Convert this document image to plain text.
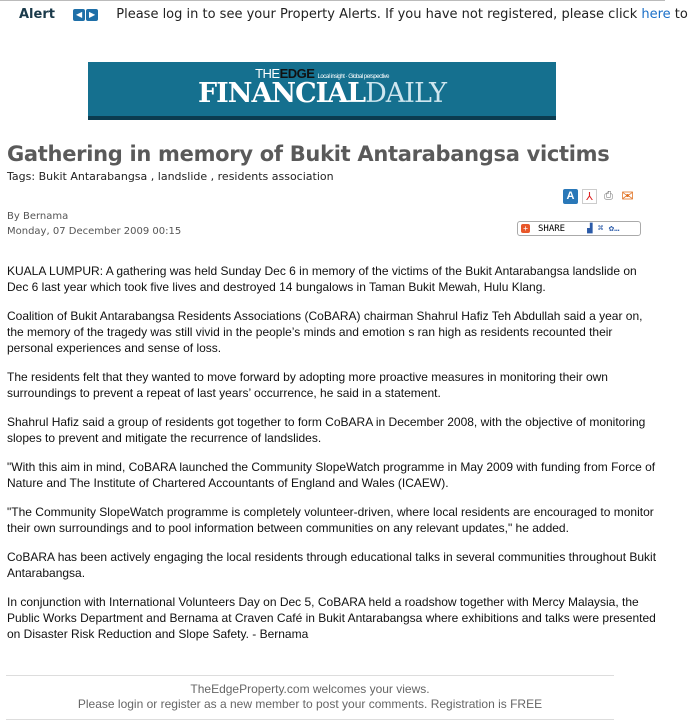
Alert	◀ ▶ Please log in to see your Property Alerts. If you have not registered, please click here to
THEEDGE Local insight · Global perspective
FINANCIALDAILY
Gathering in memory of Bukit Antarabangsa victims
Tags: Bukit Antarabangsa , landslide , residents association
A	⅄	⎙ ✉
By Bernama
Monday, 07 December 2009 00:15	+ SHARE ▟ ⌘ ✿…

KUALA LUMPUR: A gathering was held Sunday Dec 6 in memory of the victims of the Bukit Antarabangsa landslide on Dec 6 last year which took five lives and destroyed 14 bungalows in Taman Bukit Mewah, Hulu Klang.

Coalition of Bukit Antarabangsa Residents Associations (CoBARA) chairman Shahrul Hafiz Teh Abdullah said a year on, the memory of the tragedy was still vivid in the people’s minds and emotion s ran high as residents recounted their personal experiences and sense of loss.

The residents felt that they wanted to move forward by adopting more proactive measures in monitoring their own surroundings to prevent a repeat of last years’ occurrence, he said in a statement.

Shahrul Hafiz said a group of residents got together to form CoBARA in December 2008, with the objective of monitoring slopes to prevent and mitigate the recurrence of landslides.

"With this aim in mind, CoBARA launched the Community SlopeWatch programme in May 2009 with funding from Force of Nature and The Institute of Chartered Accountants of England and Wales (ICAEW).

"The Community SlopeWatch programme is completely volunteer-driven, where local residents are encouraged to monitor their own surroundings and to pool information between communities on any relevant updates," he added.

CoBARA has been actively engaging the local residents through educational talks in several communities throughout Bukit Antarabangsa.

In conjunction with International Volunteers Day on Dec 5, CoBARA held a roadshow together with Mercy Malaysia, the Public Works Department and Bernama at Craven Café in Bukit Antarabangsa where exhibitions and talks were presented on Disaster Risk Reduction and Slope Safety. - Bernama

TheEdgeProperty.com welcomes your views.
Please login or register as a new member to post your comments. Registration is FREE
